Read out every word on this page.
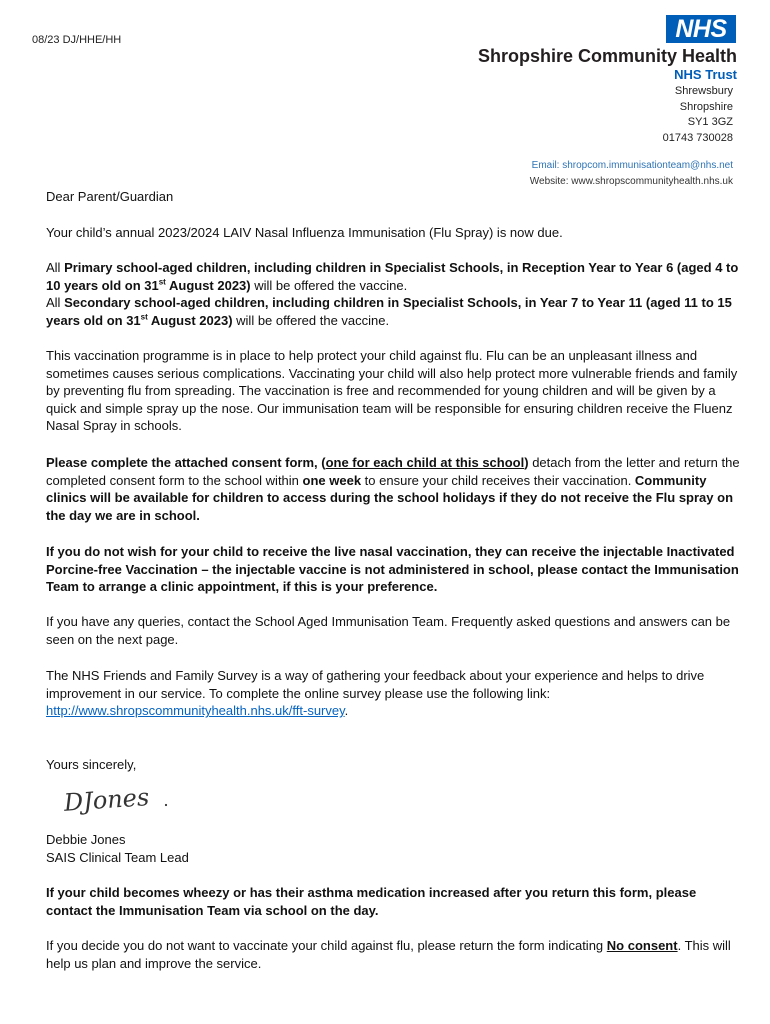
08/23 DJ/HHE/HH	NHS
Shropshire Community Health
NHS Trust
Shrewsbury
Shropshire
SY1 3GZ
01743 730028
Email: shropcom.immunisationteam@nhs.net
Website: www.shropscommunityhealth.nhs.uk

Dear Parent/Guardian

Your child’s annual 2023/2024 LAIV Nasal Influenza Immunisation (Flu Spray) is now due.

All Primary school-aged children, including children in Specialist Schools, in Reception Year to Year 6 (aged 4 to 10 years old on 31st August 2023) will be offered the vaccine.

All Secondary school-aged children, including children in Specialist Schools, in Year 7 to Year 11 (aged 11 to 15 years old on 31st August 2023) will be offered the vaccine.

This vaccination programme is in place to help protect your child against flu. Flu can be an unpleasant illness and sometimes causes serious complications. Vaccinating your child will also help protect more vulnerable friends and family by preventing flu from spreading. The vaccination is free and recommended for young children and will be given by a quick and simple spray up the nose. Our immunisation team will be responsible for ensuring children receive the Fluenz Nasal Spray in schools.

Please complete the attached consent form, (one for each child at this school) detach from the letter and return the completed consent form to the school within one week to ensure your child receives their vaccination. Community clinics will be available for children to access during the school holidays if they do not receive the Flu spray on the day we are in school.

If you do not wish for your child to receive the live nasal vaccination, they can receive the injectable Inactivated Porcine-free Vaccination – the injectable vaccine is not administered in school, please contact the Immunisation Team to arrange a clinic appointment, if this is your preference.

If you have any queries, contact the School Aged Immunisation Team. Frequently asked questions and answers can be seen on the next page.

The NHS Friends and Family Survey is a way of gathering your feedback about your experience and helps to drive improvement in our service. To complete the online survey please use the following link: http://www.shropscommunityhealth.nhs.uk/fft-survey.

Yours sincerely,

DJones

Debbie Jones

SAIS Clinical Team Lead

If your child becomes wheezy or has their asthma medication increased after you return this form, please contact the Immunisation Team via school on the day.

If you decide you do not want to vaccinate your child against flu, please return the form indicating No consent. This will help us plan and improve the service.
